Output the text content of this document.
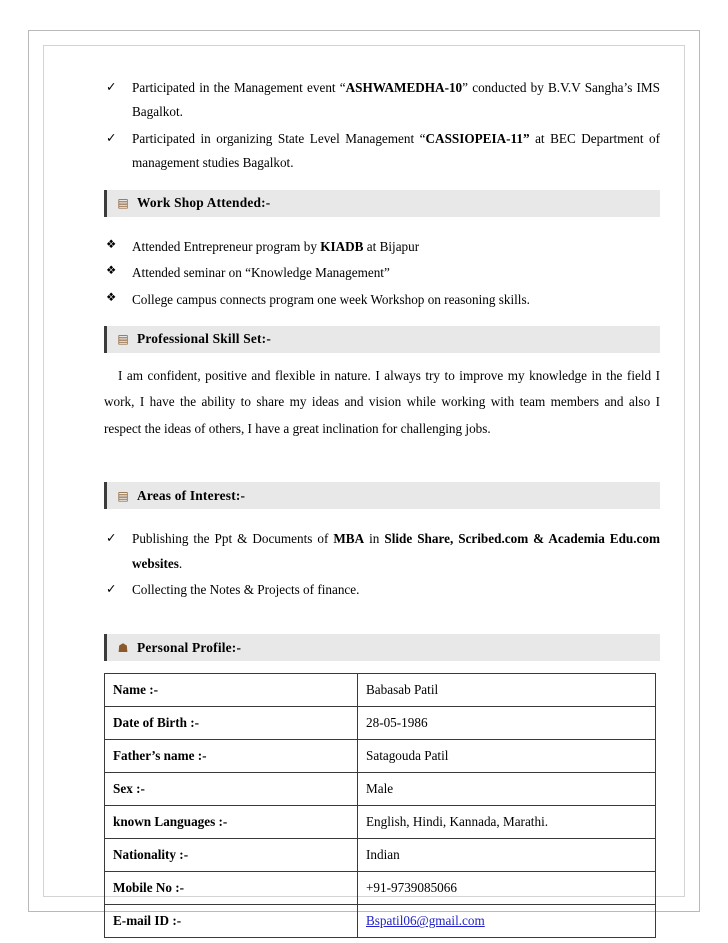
✓ Participated in the Management event “ASHWAMEDHA-10” conducted by B.V.V Sangha’s IMS Bagalkot.
✓ Participated in organizing State Level Management “CASSIOPEIA-11” at BEC Department of management studies Bagalkot.
▤ Work Shop Attended:-
❖ Attended Entrepreneur program by KIADB at Bijapur
❖ Attended seminar on “Knowledge Management”
❖ College campus connects program one week Workshop on reasoning skills.
▤ Professional Skill Set:-

I am confident, positive and flexible in nature. I always try to improve my knowledge in the field I work, I have the ability to share my ideas and vision while working with team members and also I respect the ideas of others, I have a great inclination for challenging jobs.

▤ Areas of Interest:-
✓ Publishing the Ppt & Documents of MBA in Slide Share, Scribed.com & Academia Edu.com websites.
✓ Collecting the Notes & Projects of finance.
☗ Personal Profile:-
Name :-	Babasab Patil
Date of Birth :-	28-05-1986
Father’s name :-	Satagouda Patil
Sex :-	Male
known Languages :-	English, Hindi, Kannada, Marathi.
Nationality :-	Indian
Mobile No :-	+91-9739085066
E-mail ID :-	Bspatil06@gmail.com
